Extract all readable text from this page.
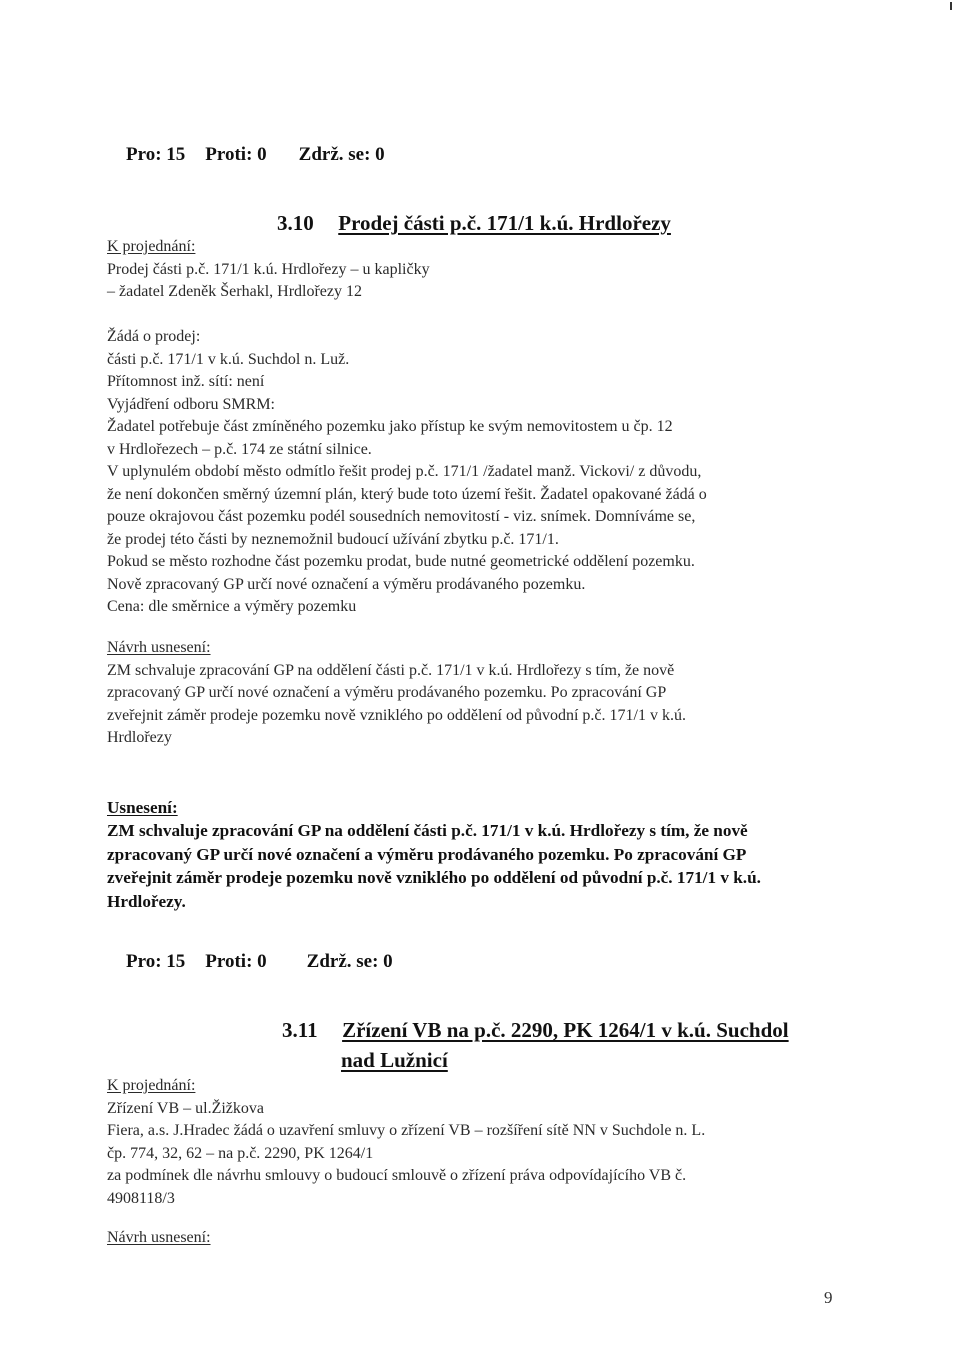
Pro: 15 Proti: 0 Zdrž. se: 0

3.10 Prodej části p.č. 171/1 k.ú. Hrdlořezy
K projednání:
Prodej části p.č. 171/1 k.ú. Hrdlořezy – u kapličky
– žadatel Zdeněk Šerhakl, Hrdlořezy 12
Žádá o prodej:
části p.č. 171/1 v k.ú. Suchdol n. Luž.
Přítomnost inž. sítí: není
Vyjádření odboru SMRM:
Žadatel potřebuje část zmíněného pozemku jako přístup ke svým nemovitostem u čp. 12
v Hrdlořezech – p.č. 174 ze státní silnice.
V uplynulém období město odmítlo řešit prodej p.č. 171/1 /žadatel manž. Vickovi/ z důvodu,
že není dokončen směrný územní plán, který bude toto území řešit. Žadatel opakované žádá o
pouze okrajovou část pozemku podél sousedních nemovitostí - viz. snímek. Domníváme se,
že prodej této části by neznemožnil budoucí užívání zbytku p.č. 171/1.
Pokud se město rozhodne část pozemku prodat, bude nutné geometrické oddělení pozemku.
Nově zpracovaný GP určí nové označení a výměru prodávaného pozemku.
Cena: dle směrnice a výměry pozemku
Návrh usnesení:
ZM schvaluje zpracování GP na oddělení části p.č. 171/1 v k.ú. Hrdlořezy s tím, že nově
zpracovaný GP určí nové označení a výměru prodávaného pozemku. Po zpracování GP
zveřejnit záměr prodeje pozemku nově vzniklého po oddělení od původní p.č. 171/1 v k.ú.
Hrdlořezy
Usnesení:
ZM schvaluje zpracování GP na oddělení části p.č. 171/1 v k.ú. Hrdlořezy s tím, že nově
zpracovaný GP určí nové označení a výměru prodávaného pozemku. Po zpracování GP
zveřejnit záměr prodeje pozemku nově vzniklého po oddělení od původní p.č. 171/1 v k.ú.
Hrdlořezy.

Pro: 15 Proti: 0 Zdrž. se: 0

3.11 Zřízení VB na p.č. 2290, PK 1264/1 v k.ú. Suchdol
nad Lužnicí
K projednání:
Zřízení VB – ul.Žižkova
Fiera, a.s. J.Hradec žádá o uzavření smluvy o zřízení VB – rozšíření sítě NN v Suchdole n. L.
čp. 774, 32, 62 – na p.č. 2290, PK 1264/1
za podmínek dle návrhu smlouvy o budoucí smlouvě o zřízení práva odpovídajícího VB č.
4908118/3
Návrh usnesení:
9
